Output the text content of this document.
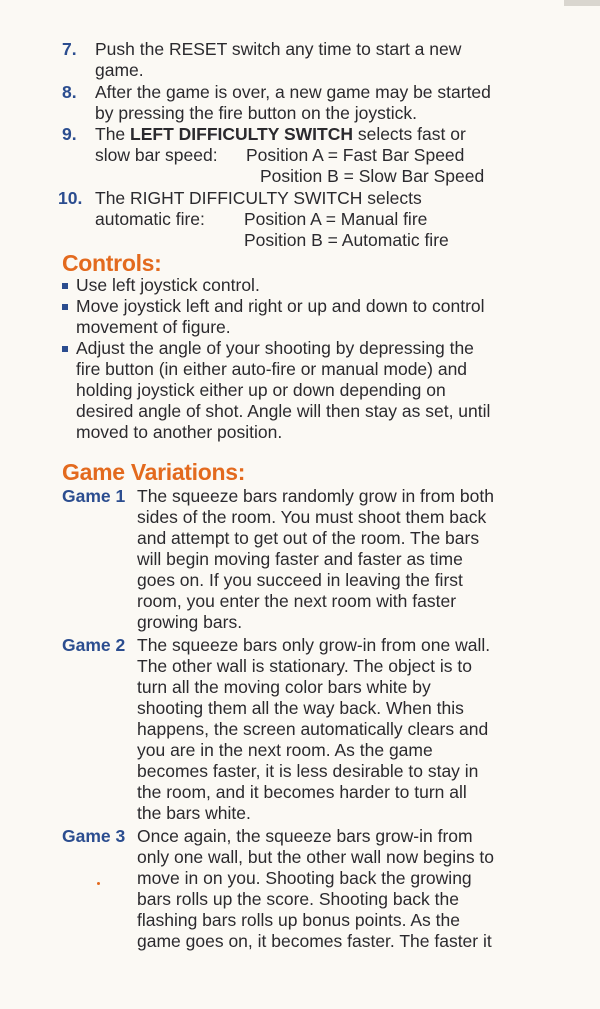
7. Push the RESET switch any time to start a new
game.
8. After the game is over, a new game may be started
by pressing the fire button on the joystick.
9. The LEFT DIFFICULTY SWITCH selects fast or
slow bar speed: Position A = Fast Bar Speed
Position B = Slow Bar Speed
10. The RIGHT DIFFICULTY SWITCH selects
automatic fire: Position A = Manual fire
Position B = Automatic fire
Controls:
Use left joystick control.
Move joystick left and right or up and down to control
movement of figure.
Adjust the angle of your shooting by depressing the
fire button (in either auto-fire or manual mode) and
holding joystick either up or down depending on
desired angle of shot. Angle will then stay as set, until
moved to another position.
Game Variations:
Game 1 The squeeze bars randomly grow in from both
sides of the room. You must shoot them back
and attempt to get out of the room. The bars
will begin moving faster and faster as time
goes on. If you succeed in leaving the first
room, you enter the next room with faster
growing bars.
Game 2 The squeeze bars only grow-in from one wall.
The other wall is stationary. The object is to
turn all the moving color bars white by
shooting them all the way back. When this
happens, the screen automatically clears and
you are in the next room. As the game
becomes faster, it is less desirable to stay in
the room, and it becomes harder to turn all
the bars white.
Game 3 Once again, the squeeze bars grow-in from
only one wall, but the other wall now begins to
move in on you. Shooting back the growing
bars rolls up the score. Shooting back the
flashing bars rolls up bonus points. As the
game goes on, it becomes faster. The faster it
